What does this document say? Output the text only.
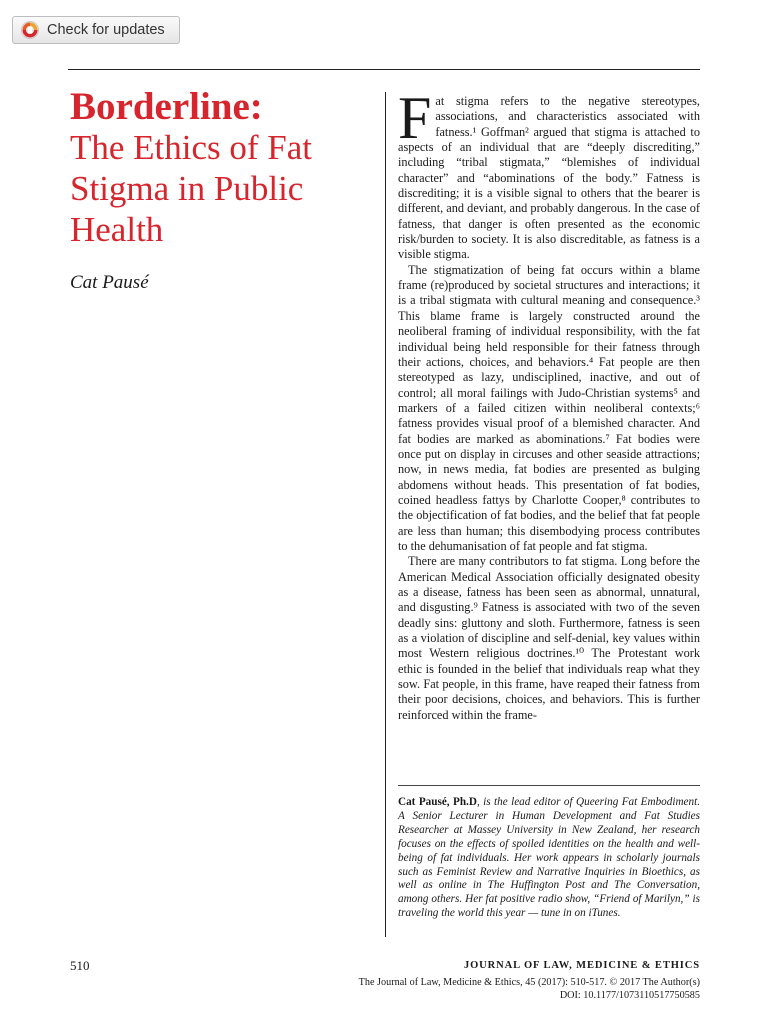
Check for updates
Borderline:
The Ethics of Fat Stigma in Public Health
Cat Pausé

Fat stigma refers to the negative stereotypes, associations, and characteristics associated with fatness.¹ Goffman² argued that stigma is attached to aspects of an individual that are “deeply discrediting,” including “tribal stigmata,” “blemishes of individual character” and “abominations of the body.” Fatness is discrediting; it is a visible signal to others that the bearer is different, and deviant, and probably dangerous. In the case of fatness, that danger is often presented as the economic risk/burden to society. It is also discreditable, as fatness is a visible stigma.

The stigmatization of being fat occurs within a blame frame (re)produced by societal structures and interactions; it is a tribal stigmata with cultural meaning and consequence.³ This blame frame is largely constructed around the neoliberal framing of individual responsibility, with the fat individual being held responsible for their fatness through their actions, choices, and behaviors.⁴ Fat people are then stereotyped as lazy, undisciplined, inactive, and out of control; all moral failings with Judo-Christian systems⁵ and markers of a failed citizen within neoliberal contexts;⁶ fatness provides visual proof of a blemished character. And fat bodies are marked as abominations.⁷ Fat bodies were once put on display in circuses and other seaside attractions; now, in news media, fat bodies are presented as bulging abdomens without heads. This presentation of fat bodies, coined headless fattys by Charlotte Cooper,⁸ contributes to the objectification of fat bodies, and the belief that fat people are less than human; this disembodying process contributes to the dehumanisation of fat people and fat stigma.

There are many contributors to fat stigma. Long before the American Medical Association officially designated obesity as a disease, fatness has been seen as abnormal, unnatural, and disgusting.⁹ Fatness is associated with two of the seven deadly sins: gluttony and sloth. Furthermore, fatness is seen as a violation of discipline and self-denial, key values within most Western religious doctrines.¹⁰ The Protestant work ethic is founded in the belief that individuals reap what they sow. Fat people, in this frame, have reaped their fatness from their poor decisions, choices, and behaviors. This is further reinforced within the frame-

Cat Pausé, Ph.D, is the lead editor of Queering Fat Embodiment. A Senior Lecturer in Human Development and Fat Studies Researcher at Massey University in New Zealand, her research focuses on the effects of spoiled identities on the health and well-being of fat individuals. Her work appears in scholarly journals such as Feminist Review and Narrative Inquiries in Bioethics, as well as online in The Huffington Post and The Conversation, among others. Her fat positive radio show, “Friend of Marilyn,” is traveling the world this year — tune in on iTunes.
510	JOURNAL OF LAW, MEDICINE & ETHICS
The Journal of Law, Medicine & Ethics, 45 (2017): 510-517. © 2017 The Author(s)
DOI: 10.1177/1073110517750585
